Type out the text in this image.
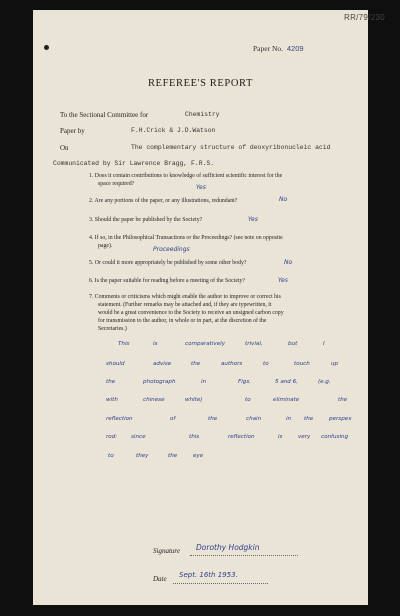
RR/79/230
Paper No. 4209
REFEREE'S REPORT
To the Sectional Committee for	Chemistry
Paper by	F.H.Crick & J.D.Watson
On	The complementary structure of deoxyribonucleic acid
Communicated by Sir Lawrence Bragg, F.R.S.
1. Does it contain contributions to knowledge of sufficient scientific interest for the
space required?	Yes
2. Are any portions of the paper, or any illustrations, redundant?	No
3. Should the paper be published by the Society?	Yes
4. If so, in the Philosophical Transactions or the Proceedings? (see note on opposite
page).	Proceedings
5. Or could it more appropriately be published by some other body?	No
6. Is the paper suitable for reading before a meeting of the Society?	Yes
7. Comments or criticisms which might enable the author to improve or correct his
statement. (Further remarks may be attached and, if they are typewritten, it
would be a great convenience to the Society to receive an unsigned carbon copy
for transmission to the author, in whole or in part, at the discretion of the
Secretaries.)
This	is	comparatively	trivial,	but	I
should	advise	the	authors	to	touch	up
the	photograph	in	Figs.	5 and 6,	(e.g.
with	chinese	white)	to	eliminate	the
reflection	of	the	chain	in the	perspex
rod: since	this	reflection	is	very confusing
to	they	the	eye
Signature Dorothy Hodgkin
Date Sept. 16th 1953.
